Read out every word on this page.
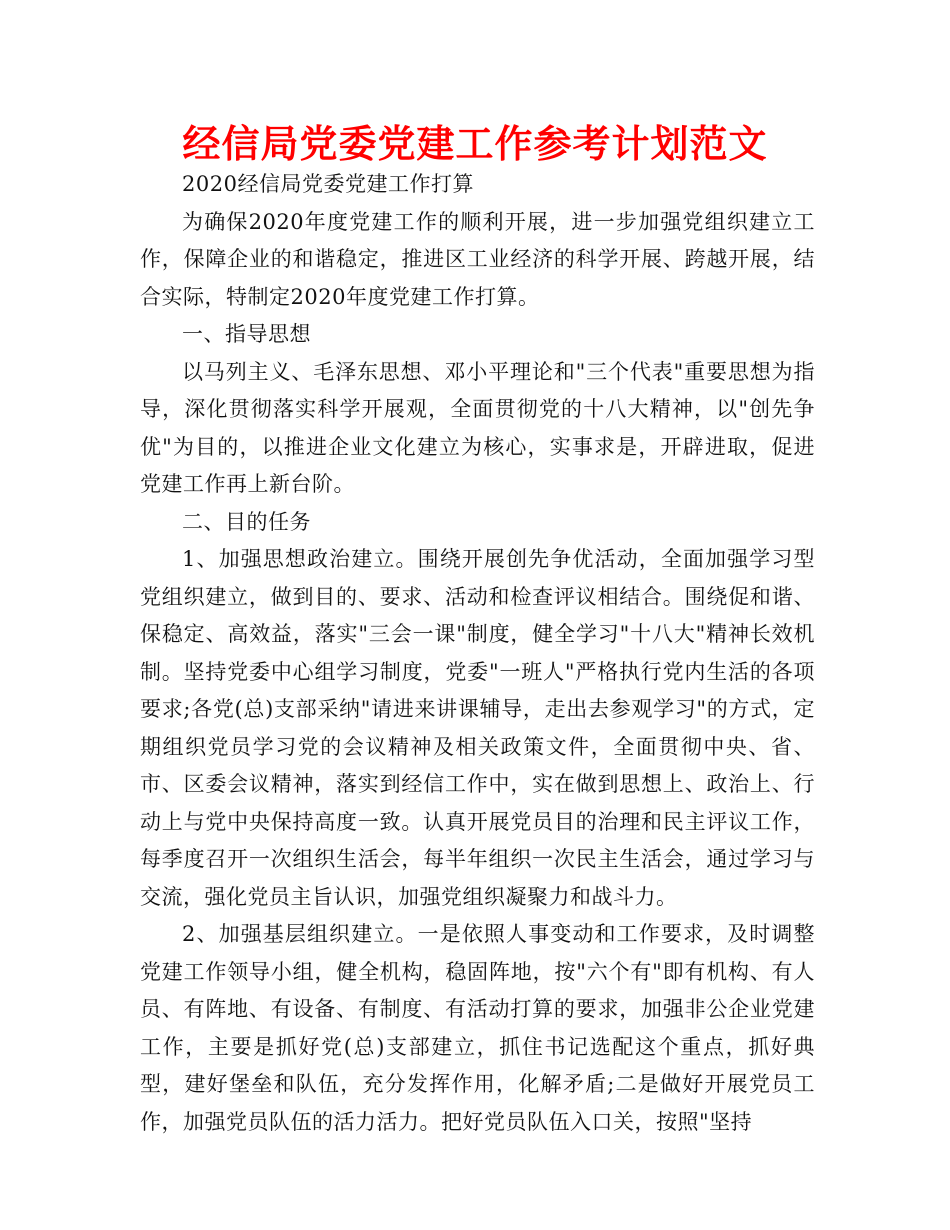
经信局党委党建工作参考计划范文

2020经信局党委党建工作打算

为确保2020年度党建工作的顺利开展，进一步加强党组织建立工作，保障企业的和谐稳定，推进区工业经济的科学开展、跨越开展，结合实际，特制定2020年度党建工作打算。

一、指导思想

以马列主义、毛泽东思想、邓小平理论和"三个代表"重要思想为指导，深化贯彻落实科学开展观，全面贯彻党的十八大精神，以"创先争优"为目的，以推进企业文化建立为核心，实事求是，开辟进取，促进党建工作再上新台阶。

二、目的任务

1、加强思想政治建立。围绕开展创先争优活动，全面加强学习型党组织建立，做到目的、要求、活动和检查评议相结合。围绕促和谐、保稳定、高效益，落实"三会一课"制度，健全学习"十八大"精神长效机制。坚持党委中心组学习制度，党委"一班人"严格执行党内生活的各项要求;各党(总)支部采纳"请进来讲课辅导，走出去参观学习"的方式，定期组织党员学习党的会议精神及相关政策文件，全面贯彻中央、省、市、区委会议精神，落实到经信工作中，实在做到思想上、政治上、行动上与党中央保持高度一致。认真开展党员目的治理和民主评议工作，每季度召开一次组织生活会，每半年组织一次民主生活会，通过学习与交流，强化党员主旨认识，加强党组织凝聚力和战斗力。

2、加强基层组织建立。一是依照人事变动和工作要求，及时调整党建工作领导小组，健全机构，稳固阵地，按"六个有"即有机构、有人员、有阵地、有设备、有制度、有活动打算的要求，加强非公企业党建工作，主要是抓好党(总)支部建立，抓住书记选配这个重点，抓好典型，建好堡垒和队伍，充分发挥作用，化解矛盾;二是做好开展党员工作，加强党员队伍的活力活力。把好党员队伍入口关，按照"坚持
